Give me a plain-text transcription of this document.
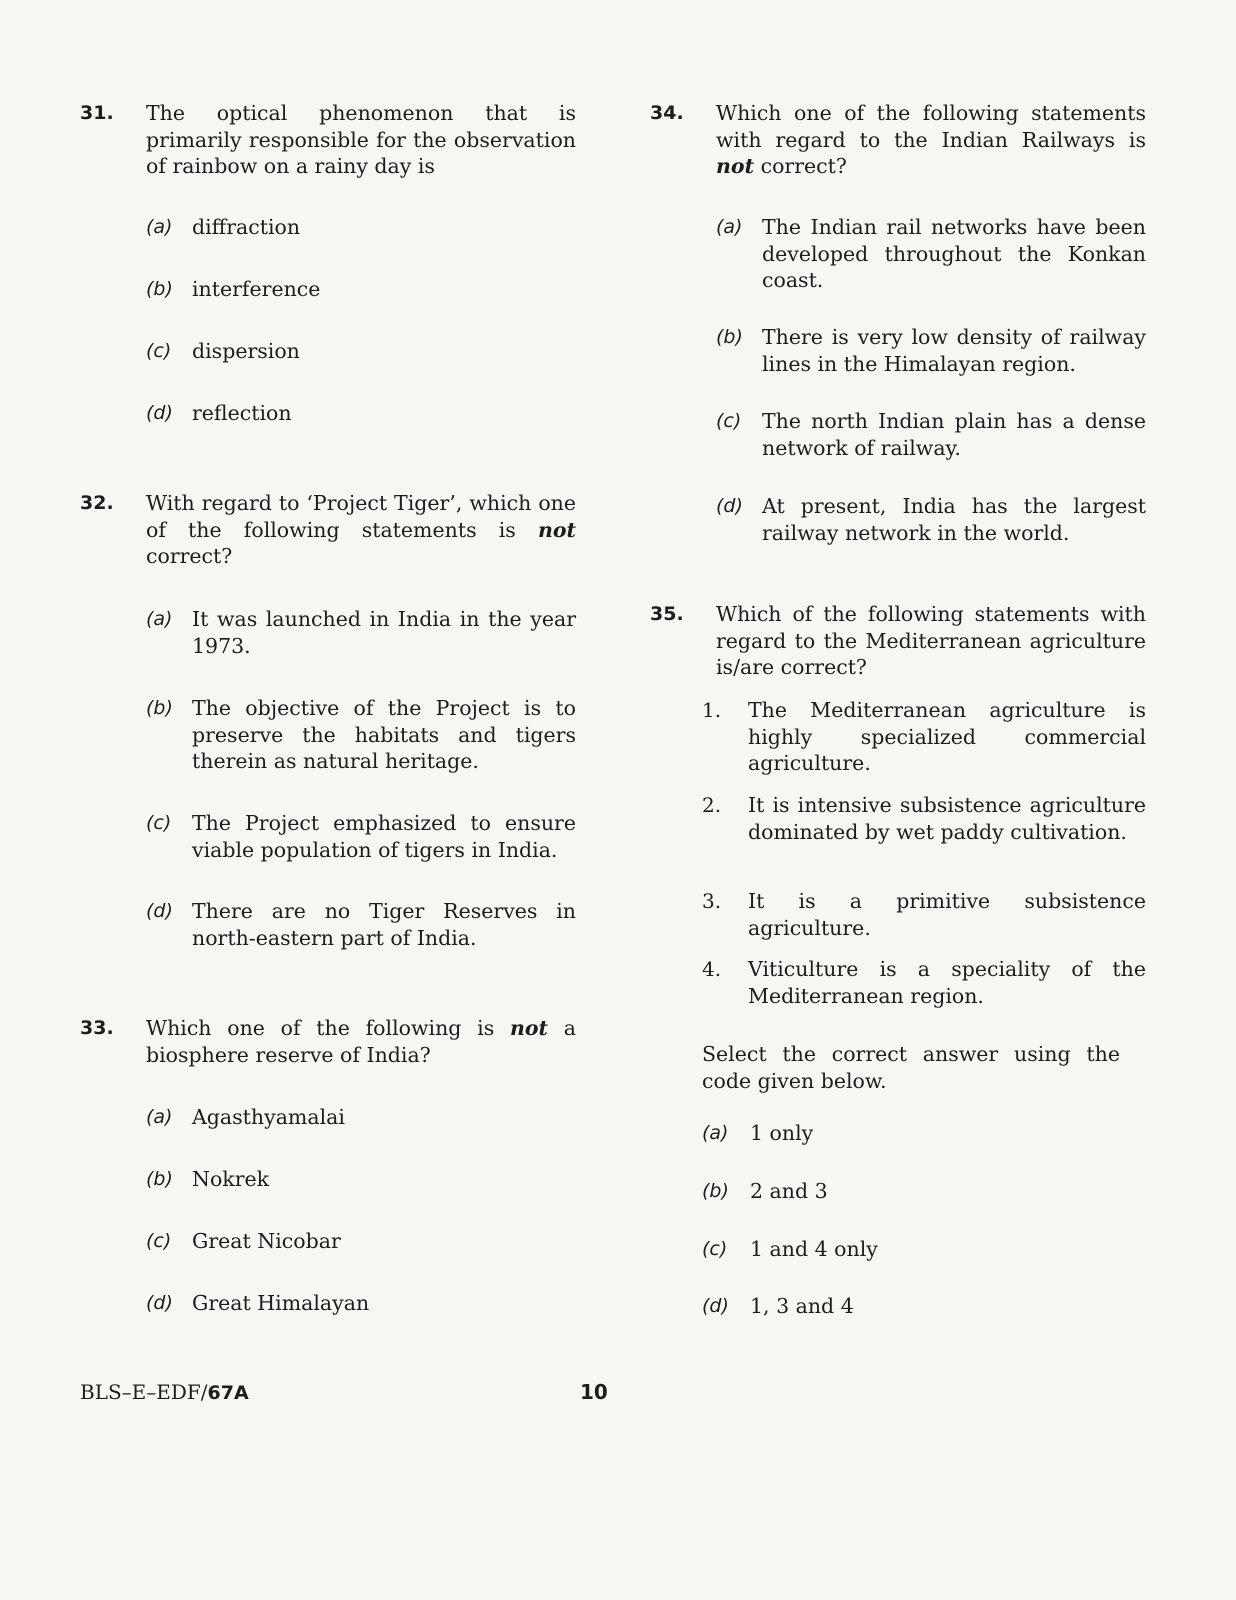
31. The optical phenomenon that is primarily responsible for the observation of rainbow on a rainy day is
(a) diffraction
(b) interference
(c) dispersion
(d) reflection
32. With regard to ‘Project Tiger’, which one of the following statements is not correct?
(a) It was launched in India in the year 1973.
(b) The objective of the Project is to preserve the habitats and tigers therein as natural heritage.
(c) The Project emphasized to ensure viable population of tigers in India.
(d) There are no Tiger Reserves in north-eastern part of India.
33. Which one of the following is not a biosphere reserve of India?
(a) Agasthyamalai
(b) Nokrek
(c) Great Nicobar
(d) Great Himalayan
34. Which one of the following statements with regard to the Indian Railways is not correct?
(a) The Indian rail networks have been developed throughout the Konkan coast.
(b) There is very low density of railway lines in the Himalayan region.
(c) The north Indian plain has a dense network of railway.
(d) At present, India has the largest railway network in the world.
35. Which of the following statements with regard to the Mediterranean agriculture is/are correct?
1. The Mediterranean agriculture is highly specialized commercial agriculture.
2. It is intensive subsistence agriculture dominated by wet paddy cultivation.
3. It is a primitive subsistence agriculture.
4. Viticulture is a speciality of the Mediterranean region.
Select the correct answer using the code given below.
(a) 1 only
(b) 2 and 3
(c) 1 and 4 only
(d) 1, 3 and 4
BLS–E–EDF/67A	10
